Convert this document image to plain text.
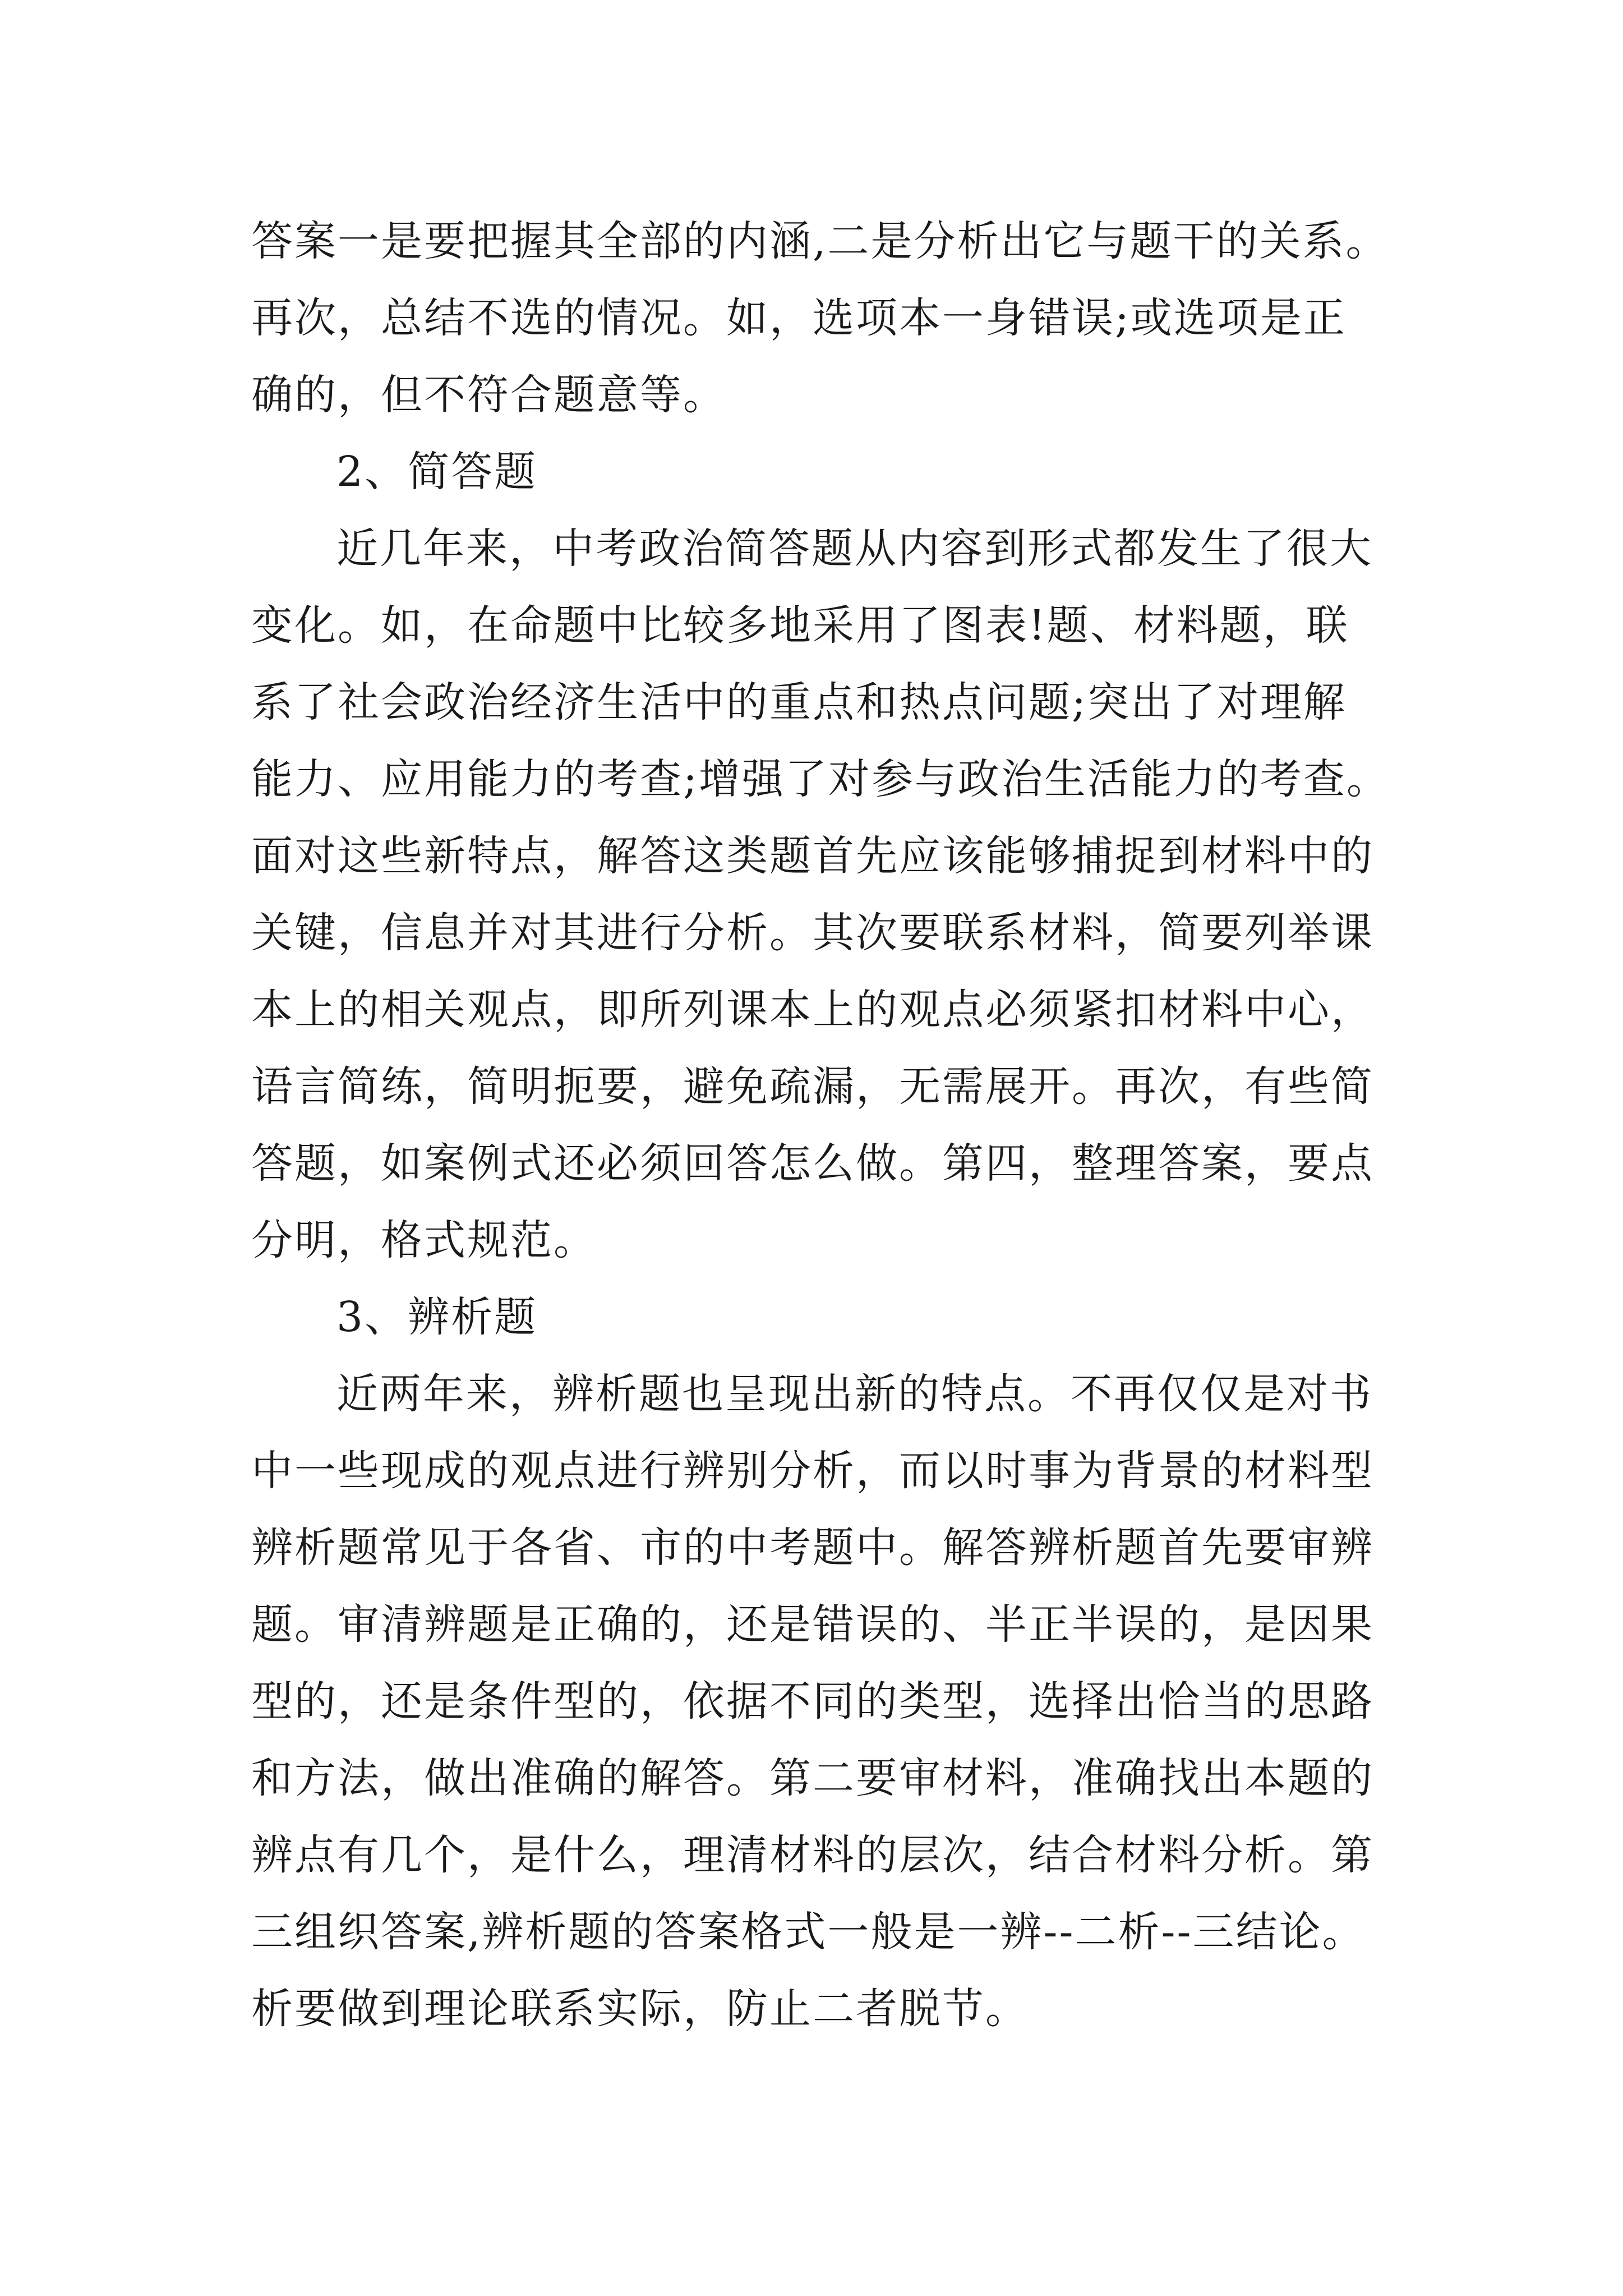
答案一是要把握其全部的内涵,二是分析出它与题干的关系。

再次，总结不选的情况。如，选项本一身错误;或选项是正

确的，但不符合题意等。

2、简答题

近几年来，中考政治简答题从内容到形式都发生了很大

变化。如，在命题中比较多地采用了图表!题、材料题，联

系了社会政治经济生活中的重点和热点问题;突出了对理解

能力、应用能力的考查;增强了对参与政治生活能力的考查。

面对这些新特点，解答这类题首先应该能够捕捉到材料中的

关键，信息并对其进行分析。其次要联系材料，简要列举课

本上的相关观点，即所列课本上的观点必须紧扣材料中心，

语言简练，简明扼要，避免疏漏，无需展开。再次，有些简

答题，如案例式还必须回答怎么做。第四，整理答案，要点

分明，格式规范。

3、辨析题

近两年来，辨析题也呈现出新的特点。不再仅仅是对书

中一些现成的观点进行辨别分析，而以时事为背景的材料型

辨析题常见于各省、市的中考题中。解答辨析题首先要审辨

题。审清辨题是正确的，还是错误的、半正半误的，是因果

型的，还是条件型的，依据不同的类型，选择出恰当的思路

和方法，做出准确的解答。第二要审材料，准确找出本题的

辨点有几个，是什么，理清材料的层次，结合材料分析。第

三组织答案,辨析题的答案格式一般是一辨--二析--三结论。

析要做到理论联系实际，防止二者脱节。
